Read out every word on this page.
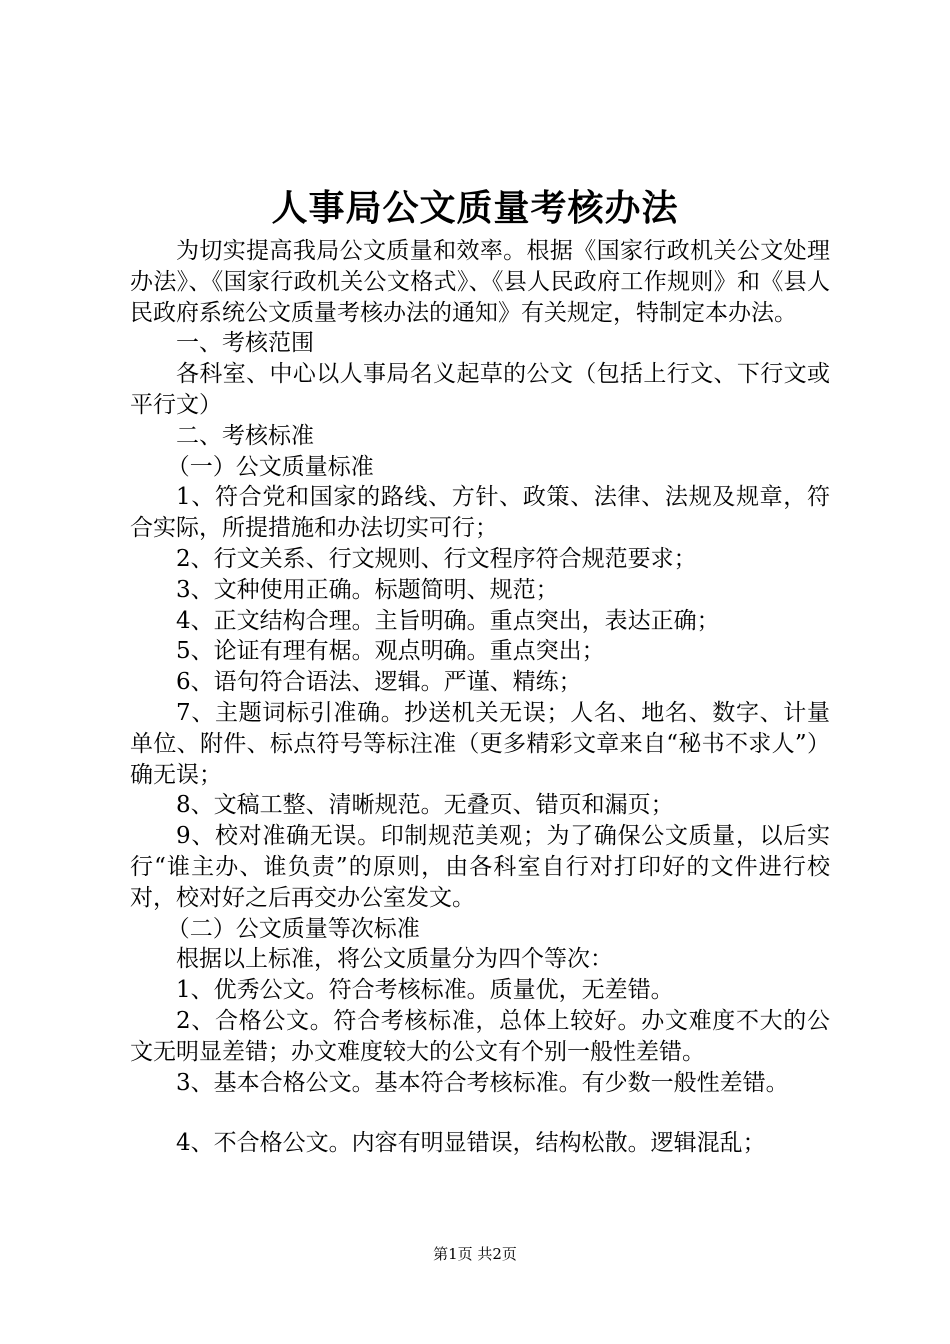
人事局公文质量考核办法

为切实提高我局公文质量和效率。根据《国家行政机关公文处理办法》、《国家行政机关公文格式》、《县人民政府工作规则》和《县人民政府系统公文质量考核办法的通知》有关规定，特制定本办法。

一、考核范围

各科室、中心以人事局名义起草的公文（包括上行文、下行文或平行文）

二、考核标准

（一）公文质量标准

1、符合党和国家的路线、方针、政策、法律、法规及规章，符合实际，所提措施和办法切实可行；

2、行文关系、行文规则、行文程序符合规范要求；

3、文种使用正确。标题简明、规范；

4、正文结构合理。主旨明确。重点突出，表达正确；

5、论证有理有椐。观点明确。重点突出；

6、语句符合语法、逻辑。严谨、精练；

7、主题词标引准确。抄送机关无误；人名、地名、数字、计量单位、附件、标点符号等标注准（更多精彩文章来自“秘书不求人”）确无误；

8、文稿工整、清晰规范。无叠页、错页和漏页；

9、校对准确无误。印制规范美观；为了确保公文质量，以后实行“谁主办、谁负责”的原则，由各科室自行对打印好的文件进行校对，校对好之后再交办公室发文。

（二）公文质量等次标准

根据以上标准，将公文质量分为四个等次：

1、优秀公文。符合考核标准。质量优，无差错。

2、合格公文。符合考核标准，总体上较好。办文难度不大的公文无明显差错；办文难度较大的公文有个别一般性差错。

3、基本合格公文。基本符合考核标准。有少数一般性差错。

4、不合格公文。内容有明显错误，结构松散。逻辑混乱；

第1页 共2页
